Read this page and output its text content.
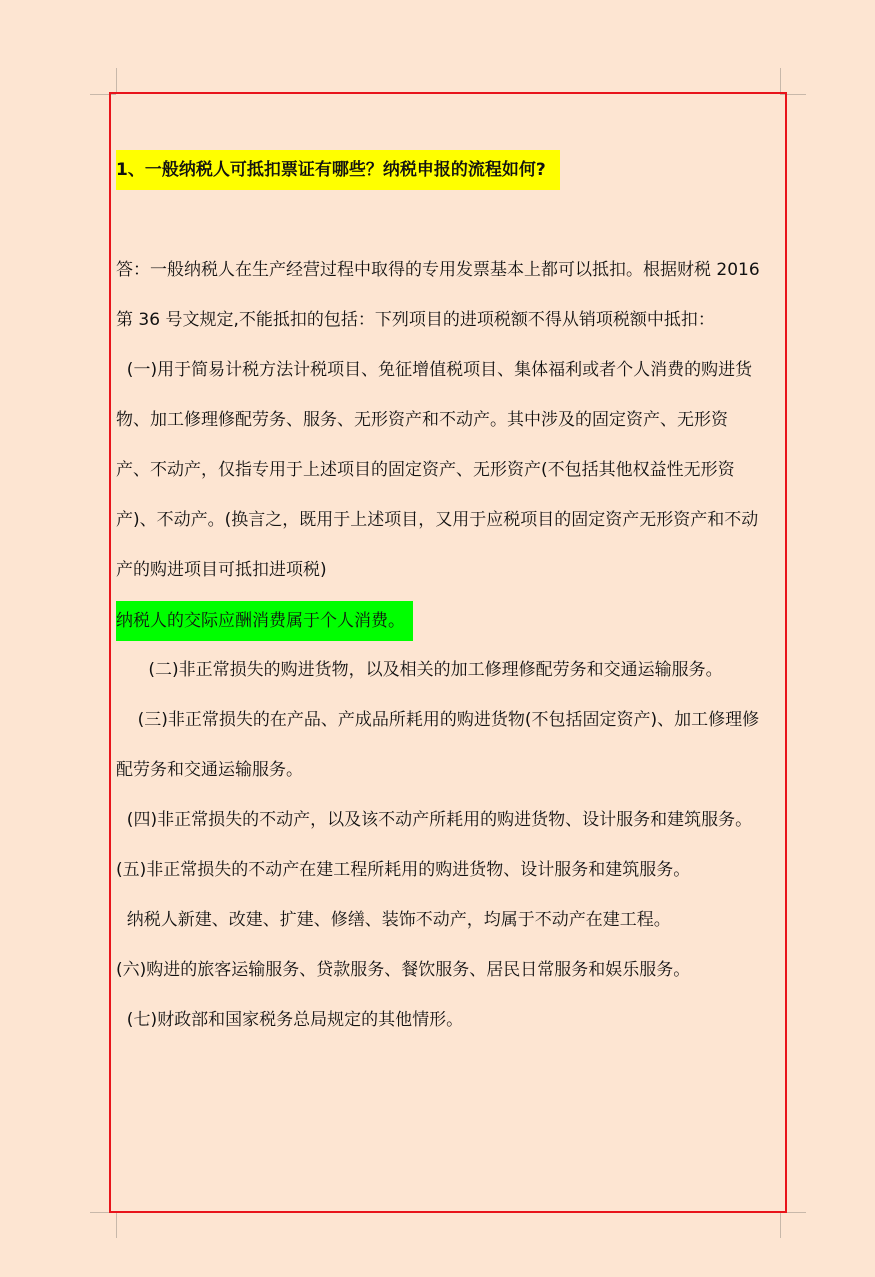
1、一般纳税人可抵扣票证有哪些？纳税申报的流程如何?
答：一般纳税人在生产经营过程中取得的专用发票基本上都可以抵扣。根据财税 2016
第 36 号文规定,不能抵扣的包括：下列项目的进项税额不得从销项税额中抵扣：
(一)用于简易计税方法计税项目、免征增值税项目、集体福利或者个人消费的购进货
物、加工修理修配劳务、服务、无形资产和不动产。其中涉及的固定资产、无形资
产、不动产，仅指专用于上述项目的固定资产、无形资产(不包括其他权益性无形资
产)、不动产。(换言之，既用于上述项目，又用于应税项目的固定资产无形资产和不动
产的购进项目可抵扣进项税)
纳税人的交际应酬消费属于个人消费。
(二)非正常损失的购进货物，以及相关的加工修理修配劳务和交通运输服务。
(三)非正常损失的在产品、产成品所耗用的购进货物(不包括固定资产)、加工修理修
配劳务和交通运输服务。
(四)非正常损失的不动产，以及该不动产所耗用的购进货物、设计服务和建筑服务。
(五)非正常损失的不动产在建工程所耗用的购进货物、设计服务和建筑服务。
纳税人新建、改建、扩建、修缮、装饰不动产，均属于不动产在建工程。
(六)购进的旅客运输服务、贷款服务、餐饮服务、居民日常服务和娱乐服务。
(七)财政部和国家税务总局规定的其他情形。
